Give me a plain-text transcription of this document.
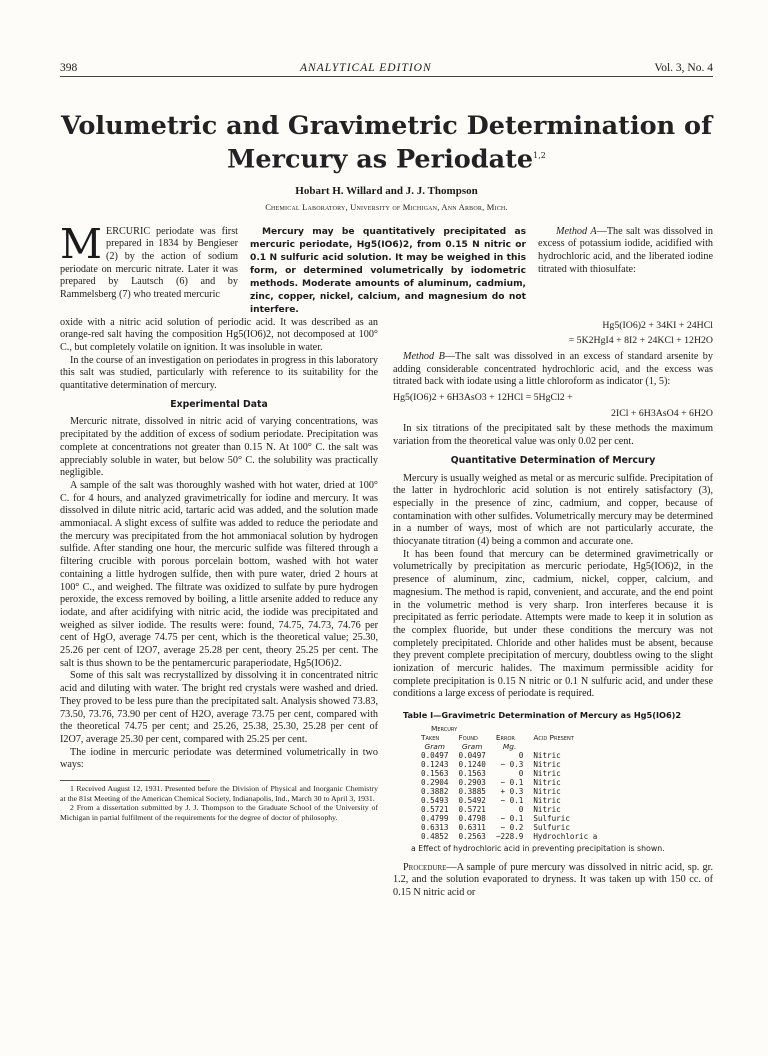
398	ANALYTICAL EDITION	Vol. 3, No. 4
Volumetric and Gravimetric Determination of
Mercury as Periodate$^{1,2}$
Hobart H. Willard and J. J. Thompson
Chemical Laboratory, University of Michigan, Ann Arbor, Mich.
MERCURIC periodate was first prepared in 1834 by Bengieser (2) by the action of sodium periodate on mercuric nitrate. Later it was prepared by Lautsch (6) and by Rammelsberg (7) who treated mercuric
Mercury may be quantitatively precipitated as mercuric periodate, Hg5(IO6)2, from 0.15 N nitric or 0.1 N sulfuric acid solution. It may be weighed in this form, or determined volumetrically by iodometric methods. Moderate amounts of aluminum, cadmium, zinc, copper, nickel, calcium, and magnesium do not interfere.

Method A—The salt was dissolved in excess of potassium iodide, acidified with hydrochloric acid, and the liberated iodine titrated with thiosulfate:

oxide with a nitric acid solution of periodic acid. It was described as an orange-red salt having the composition Hg5(IO6)2, not decomposed at 100° C., but completely volatile on ignition. It was insoluble in water.

In the course of an investigation on periodates in progress in this laboratory this salt was studied, particularly with reference to its suitability for the quantitative determination of mercury.

Experimental Data

Mercuric nitrate, dissolved in nitric acid of varying concentrations, was precipitated by the addition of excess of sodium periodate. Precipitation was complete at concentrations not greater than 0.15 N. At 100° C. the salt was appreciably soluble in water, but below 50° C. the solubility was practically negligible.

A sample of the salt was thoroughly washed with hot water, dried at 100° C. for 4 hours, and analyzed gravimetrically for iodine and mercury. It was dissolved in dilute nitric acid, tartaric acid was added, and the solution made ammoniacal. A slight excess of sulfite was added to reduce the periodate and the mercury was precipitated from the hot ammoniacal solution by hydrogen sulfide. After standing one hour, the mercuric sulfide was filtered through a filtering crucible with porous porcelain bottom, washed with hot water containing a little hydrogen sulfide, then with pure water, dried 2 hours at 100° C., and weighed. The filtrate was oxidized to sulfate by pure hydrogen peroxide, the excess removed by boiling, a little arsenite added to reduce any iodate, and after acidifying with nitric acid, the iodide was precipitated and weighed as silver iodide. The results were: found, 74.75, 74.73, 74.76 per cent of HgO, average 74.75 per cent, which is the theoretical value; 25.30, 25.26 per cent of I2O7, average 25.28 per cent, theory 25.25 per cent. The salt is thus shown to be the pentamercuric paraperiodate, Hg5(IO6)2.

Some of this salt was recrystallized by dissolving it in concentrated nitric acid and diluting with water. The bright red crystals were washed and dried. They proved to be less pure than the precipitated salt. Analysis showed 73.83, 73.50, 73.76, 73.90 per cent of H2O, average 73.75 per cent, compared with the theoretical 74.75 per cent; and 25.26, 25.38, 25.30, 25.28 per cent of I2O7, average 25.30 per cent, compared with 25.25 per cent.

The iodine in mercuric periodate was determined volumetrically in two ways:

1 Received August 12, 1931. Presented before the Division of Physical and Inorganic Chemistry at the 81st Meeting of the American Chemical Society, Indianapolis, Ind., March 30 to April 3, 1931.
2 From a dissertation submitted by J. J. Thompson to the Graduate School of the University of Michigan in partial fulfilment of the requirements for the degree of doctor of philosophy.
Hg5(IO6)2 + 34KI + 24HCl
= 5K2HgI4 + 8I2 + 24KCl + 12H2O

Method B—The salt was dissolved in an excess of standard arsenite by adding considerable concentrated hydrochloric acid, and the excess was titrated back with iodate using a little chloroform as indicator (1, 5):

Hg5(IO6)2 + 6H3AsO3 + 12HCl = 5HgCl2 +
2ICl + 6H3AsO4 + 6H2O

In six titrations of the precipitated salt by these methods the maximum variation from the theoretical value was only 0.02 per cent.

Quantitative Determination of Mercury

Mercury is usually weighed as metal or as mercuric sulfide. Precipitation of the latter in hydrochloric acid solution is not entirely satisfactory (3), especially in the presence of zinc, cadmium, and copper, because of contamination with other sulfides. Volumetrically mercury may be determined in a number of ways, most of which are not particularly accurate, the thiocyanate titration (4) being a common and accurate one.

It has been found that mercury can be determined gravimetrically or volumetrically by precipitation as mercuric periodate, Hg5(IO6)2, in the presence of aluminum, zinc, cadmium, nickel, copper, calcium, and magnesium. The method is rapid, convenient, and accurate, and the end point in the volumetric method is very sharp. Iron interferes because it is precipitated as ferric periodate. Attempts were made to keep it in solution as the complex fluoride, but under these conditions the mercury was not completely precipitated. Chloride and other halides must be absent, because they prevent complete precipitation of mercury, doubtless owing to the slight ionization of mercuric halides. The maximum permissible acidity for complete precipitation is 0.15 N nitric or 0.1 N sulfuric acid, and under these conditions a large excess of periodate is required.

Table I—Gravimetric Determination of Mercury as Hg5(IO6)2
Mercury			
Taken	Found	Error	Acid Present
Gram	Gram	Mg.	
0.0497	0.0497	0	Nitric
0.1243	0.1240	− 0.3	Nitric
0.1563	0.1563	0	Nitric
0.2904	0.2903	− 0.1	Nitric
0.3882	0.3885	+ 0.3	Nitric
0.5493	0.5492	− 0.1	Nitric
0.5721	0.5721	0	Nitric
0.4799	0.4798	− 0.1	Sulfuric
0.6313	0.6311	− 0.2	Sulfuric
0.4852	0.2563	−228.9	Hydrochloric a
a Effect of hydrochloric acid in preventing precipitation is shown.

Procedure—A sample of pure mercury was dissolved in nitric acid, sp. gr. 1.2, and the solution evaporated to dryness. It was taken up with 150 cc. of 0.15 N nitric acid or
